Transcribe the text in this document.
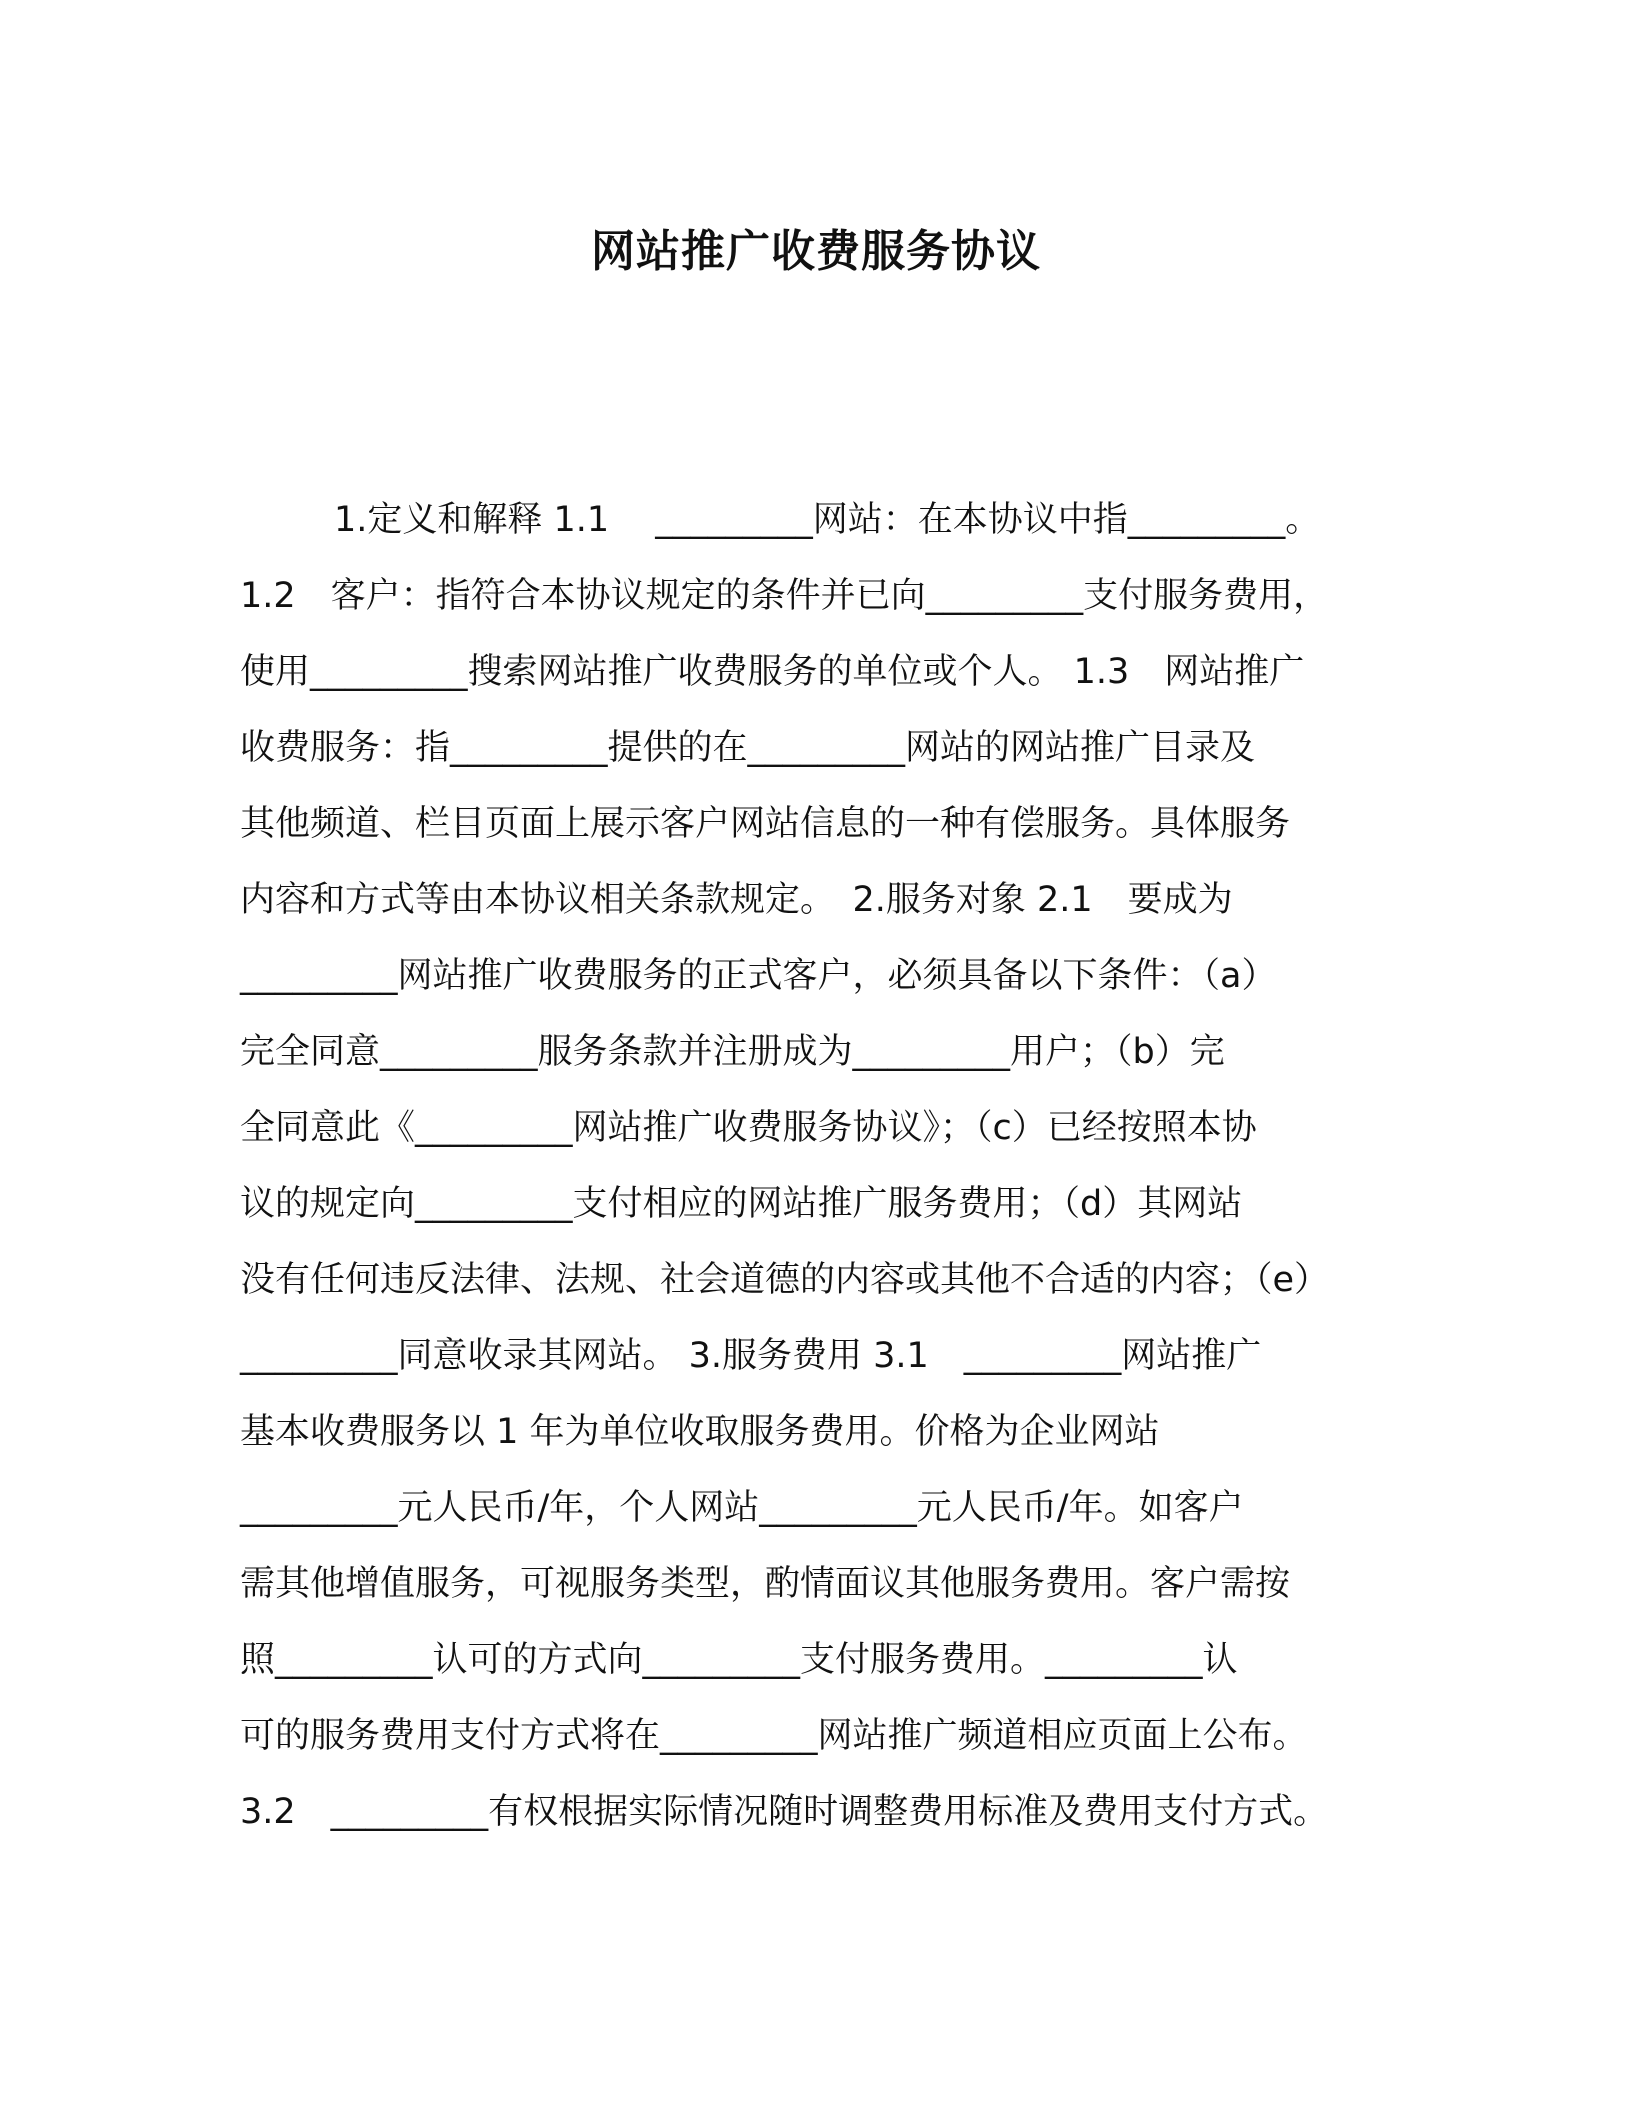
网站推广收费服务协议
1.定义和解释 1.1　 _________网站：在本协议中指_________。
1.2　客户：指符合本协议规定的条件并已向_________支付服务费用，
使用_________搜索网站推广收费服务的单位或个人。 1.3　网站推广
收费服务：指_________提供的在_________网站的网站推广目录及
其他频道、栏目页面上展示客户网站信息的一种有偿服务。具体服务
内容和方式等由本协议相关条款规定。　2.服务对象 2.1　要成为
_________网站推广收费服务的正式客户，必须具备以下条件：（a）
完全同意_________服务条款并注册成为_________用户；（b）完
全同意此《_________网站推广收费服务协议》；（c）已经按照本协
议的规定向_________支付相应的网站推广服务费用；（d）其网站
没有任何违反法律、法规、社会道德的内容或其他不合适的内容；（e）
_________同意收录其网站。 3.服务费用 3.1　_________网站推广
基本收费服务以 1 年为单位收取服务费用。价格为企业网站
_________元人民币/年，个人网站_________元人民币/年。如客户
需其他增值服务，可视服务类型，酌情面议其他服务费用。客户需按
照_________认可的方式向_________支付服务费用。_________认
可的服务费用支付方式将在_________网站推广频道相应页面上公布。
3.2　_________有权根据实际情况随时调整费用标准及费用支付方式。
